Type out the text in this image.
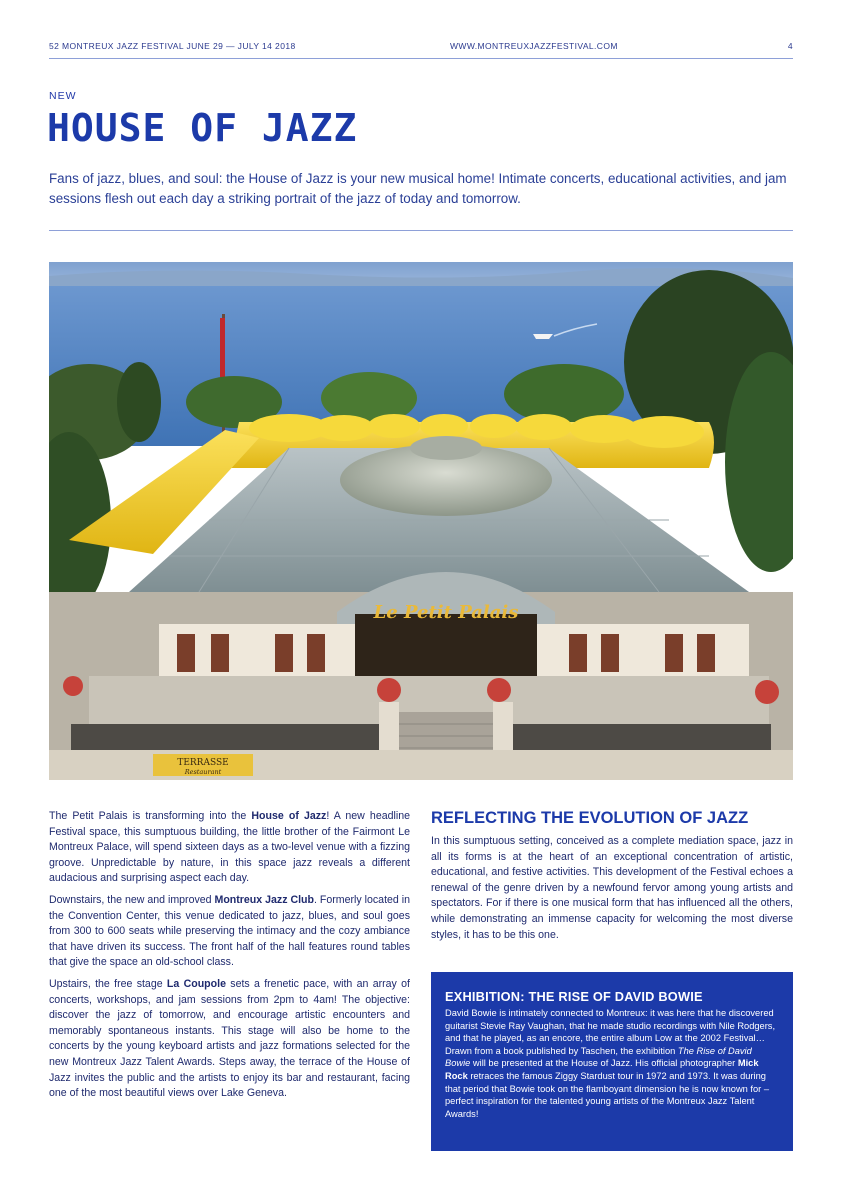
52 MONTREUX JAZZ FESTIVAL JUNE 29 — JULY 14 2018	WWW.MONTREUXJAZZFESTIVAL.COM	4
NEW
HOUSE OF JAZZ
Fans of jazz, blues, and soul: the House of Jazz is your new musical home! Intimate concerts, educational activities, and jam sessions flesh out each day a striking portrait of the jazz of today and tomorrow.
Le Petit Palais
TERRASSE
Restaurant

The Petit Palais is transforming into the House of Jazz! A new headline Festival space, this sumptuous building, the little brother of the Fairmont Le Montreux Palace, will spend sixteen days as a two-level venue with a fizzing groove. Unpredictable by nature, in this space jazz reveals a different audacious and surprising aspect each day.

Downstairs, the new and improved Montreux Jazz Club. Formerly located in the Convention Center, this venue dedicated to jazz, blues, and soul goes from 300 to 600 seats while preserving the intimacy and the cozy ambiance that have driven its success. The front half of the hall features round tables that give the space an old-school class.

Upstairs, the free stage La Coupole sets a frenetic pace, with an array of concerts, workshops, and jam sessions from 2pm to 4am! The objective: discover the jazz of tomorrow, and encourage artistic encounters and memorably spontaneous instants. This stage will also be home to the concerts by the young keyboard artists and jazz formations selected for the new Montreux Jazz Talent Awards. Steps away, the terrace of the House of Jazz invites the public and the artists to enjoy its bar and restaurant, facing one of the most beautiful views over Lake Geneva.

REFLECTING THE EVOLUTION OF JAZZ

In this sumptuous setting, conceived as a complete mediation space, jazz in all its forms is at the heart of an exceptional concentration of artistic, educational, and festive activities. This development of the Festival echoes a renewal of the genre driven by a newfound fervor among young artists and spectators. For if there is one musical form that has influenced all the others, while demonstrating an immense capacity for welcoming the most diverse styles, it has to be this one.

EXHIBITION: THE RISE OF DAVID BOWIE

David Bowie is intimately connected to Montreux: it was here that he discovered guitarist Stevie Ray Vaughan, that he made studio recordings with Nile Rodgers, and that he played, as an encore, the entire album Low at the 2002 Festival… Drawn from a book published by Taschen, the exhibition The Rise of David Bowie will be presented at the House of Jazz. His official photographer Mick Rock retraces the famous Ziggy Stardust tour in 1972 and 1973. It was during that period that Bowie took on the flamboyant dimension he is now known for – perfect inspiration for the talented young artists of the Montreux Jazz Talent Awards!
